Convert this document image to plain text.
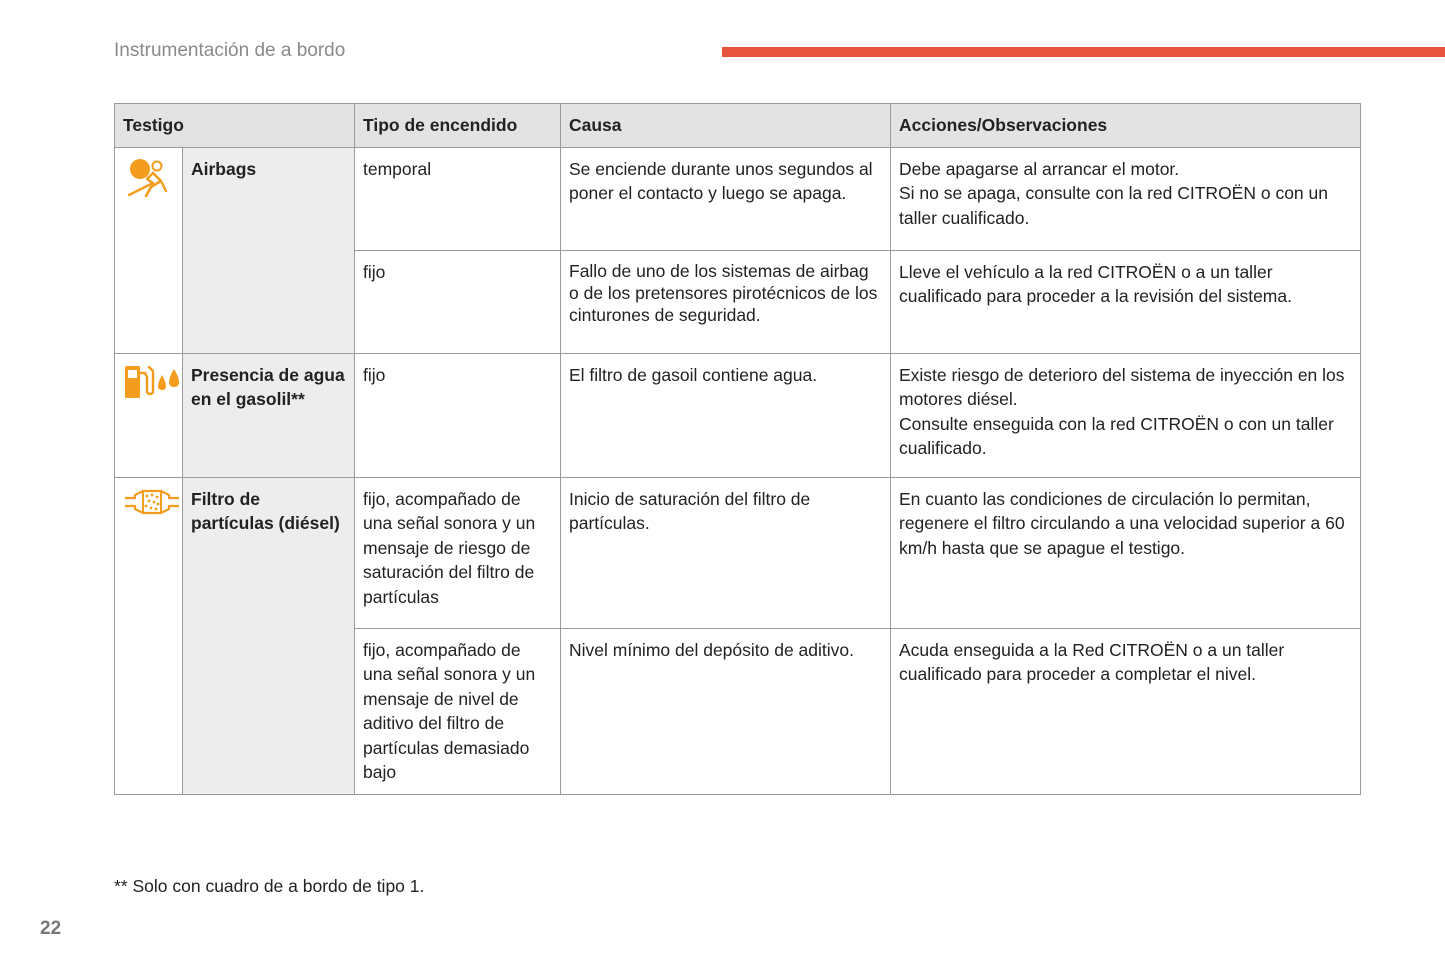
Instrumentación de a bordo
Testigo		Tipo de encendido	Causa	Acciones/Observaciones
	Airbags	temporal	Se enciende durante unos segundos al poner el contacto y luego se apaga.	Debe apagarse al arrancar el motor.
Si no se apaga, consulte con la red CITROËN o con un taller cualificado.
		fijo	Fallo de uno de los sistemas de airbag o de los pretensores pirotécnicos de los cinturones de seguridad.	Lleve el vehículo a la red CITROËN o a un taller cualificado para proceder a la revisión del sistema.
	Presencia de agua en el gasolil**	fijo	El filtro de gasoil contiene agua.	Existe riesgo de deterioro del sistema de inyección en los motores diésel.
Consulte enseguida con la red CITROËN o con un taller cualificado.
	Filtro de partículas (diésel)	fijo, acompañado de una señal sonora y un mensaje de riesgo de saturación del filtro de partículas	Inicio de saturación del filtro de partículas.	En cuanto las condiciones de circulación lo permitan, regenere el filtro circulando a una velocidad superior a 60 km/h hasta que se apague el testigo.
		fijo, acompañado de una señal sonora y un mensaje de nivel de aditivo del filtro de partículas demasiado bajo	Nivel mínimo del depósito de aditivo.	Acuda enseguida a la Red CITROËN o a un taller cualificado para proceder a completar el nivel.
** Solo con cuadro de a bordo de tipo 1.
22
